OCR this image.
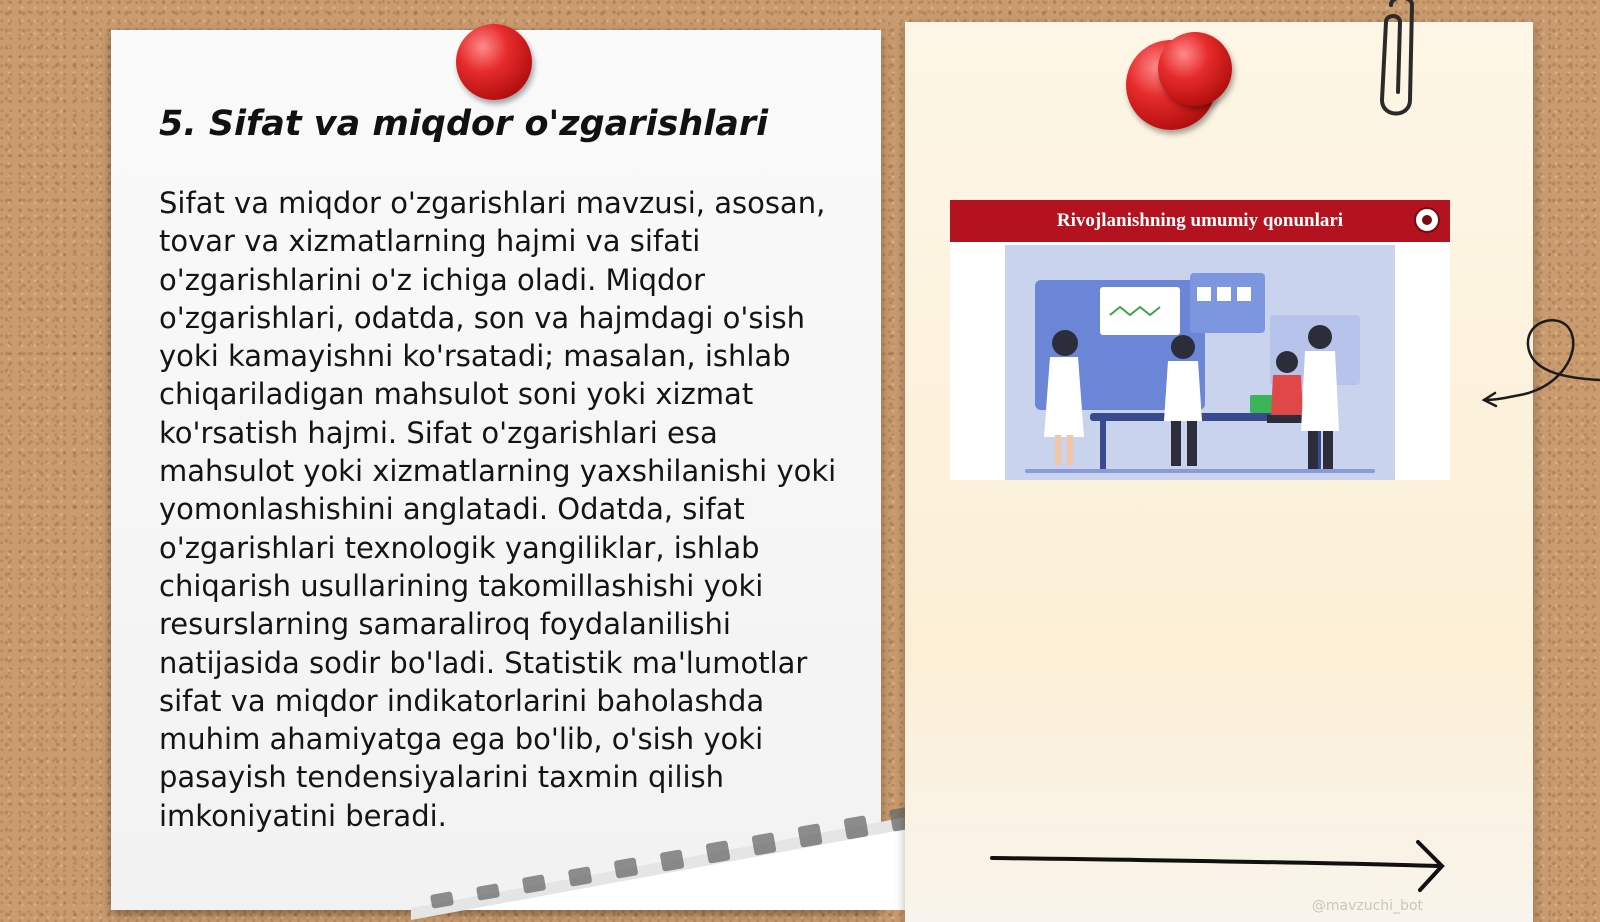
5. Sifat va miqdor o'zgarishlari

Sifat va miqdor o'zgarishlari mavzusi, asosan, tovar va xizmatlarning hajmi va sifati o'zgarishlarini o'z ichiga oladi. Miqdor o'zgarishlari, odatda, son va hajmdagi o'sish yoki kamayishni ko'rsatadi; masalan, ishlab chiqariladigan mahsulot soni yoki xizmat ko'rsatish hajmi. Sifat o'zgarishlari esa mahsulot yoki xizmatlarning yaxshilanishi yoki yomonlashishini anglatadi. Odatda, sifat o'zgarishlari texnologik yangiliklar, ishlab chiqarish usullarining takomillashishi yoki resurslarning samaraliroq foydalanilishi natijasida sodir bo'ladi. Statistik ma'lumotlar sifat va miqdor indikatorlarini baholashda muhim ahamiyatga ega bo'lib, o'sish yoki pasayish tendensiyalarini taxmin qilish imkoniyatini beradi.

Rivojlanishning umumiy qonunlari
@mavzuchi_bot
